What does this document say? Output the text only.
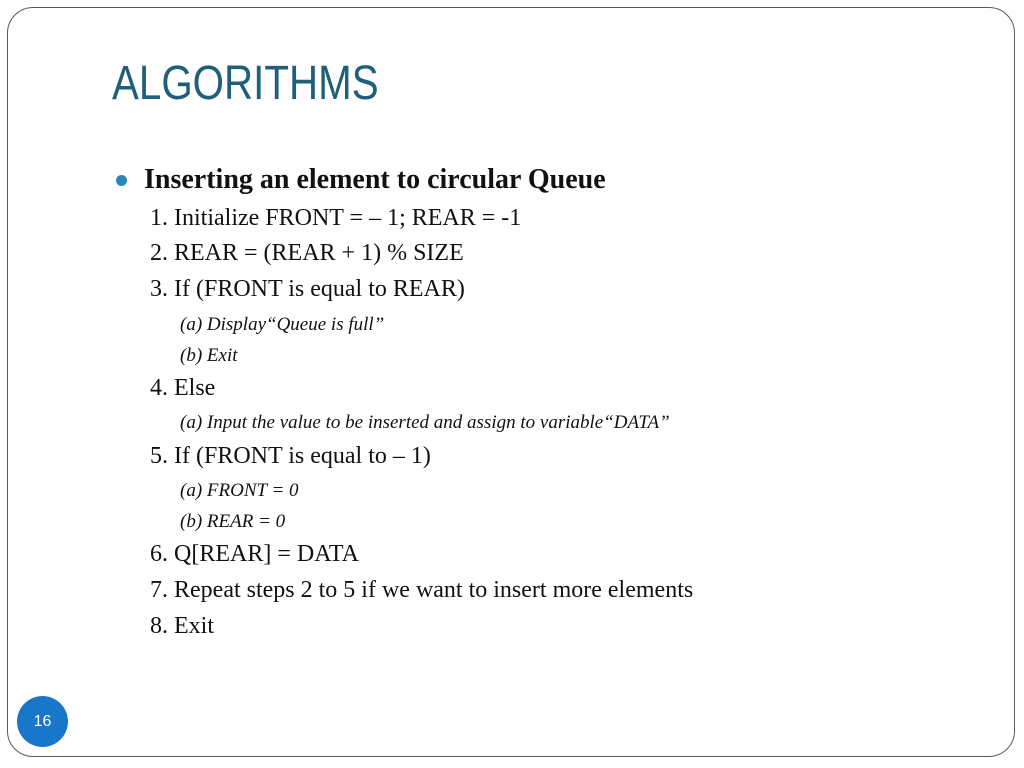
ALGORITHMS
Inserting an element to circular Queue
1. Initialize FRONT = – 1; REAR = -1
2. REAR = (REAR + 1) % SIZE
3. If (FRONT is equal to REAR)
(a) Display“Queue is full”
(b) Exit
4. Else
(a) Input the value to be inserted and assign to variable“DATA”
5. If (FRONT is equal to – 1)
(a) FRONT = 0
(b) REAR = 0
6. Q[REAR] = DATA
7. Repeat steps 2 to 5 if we want to insert more elements
8. Exit
16
